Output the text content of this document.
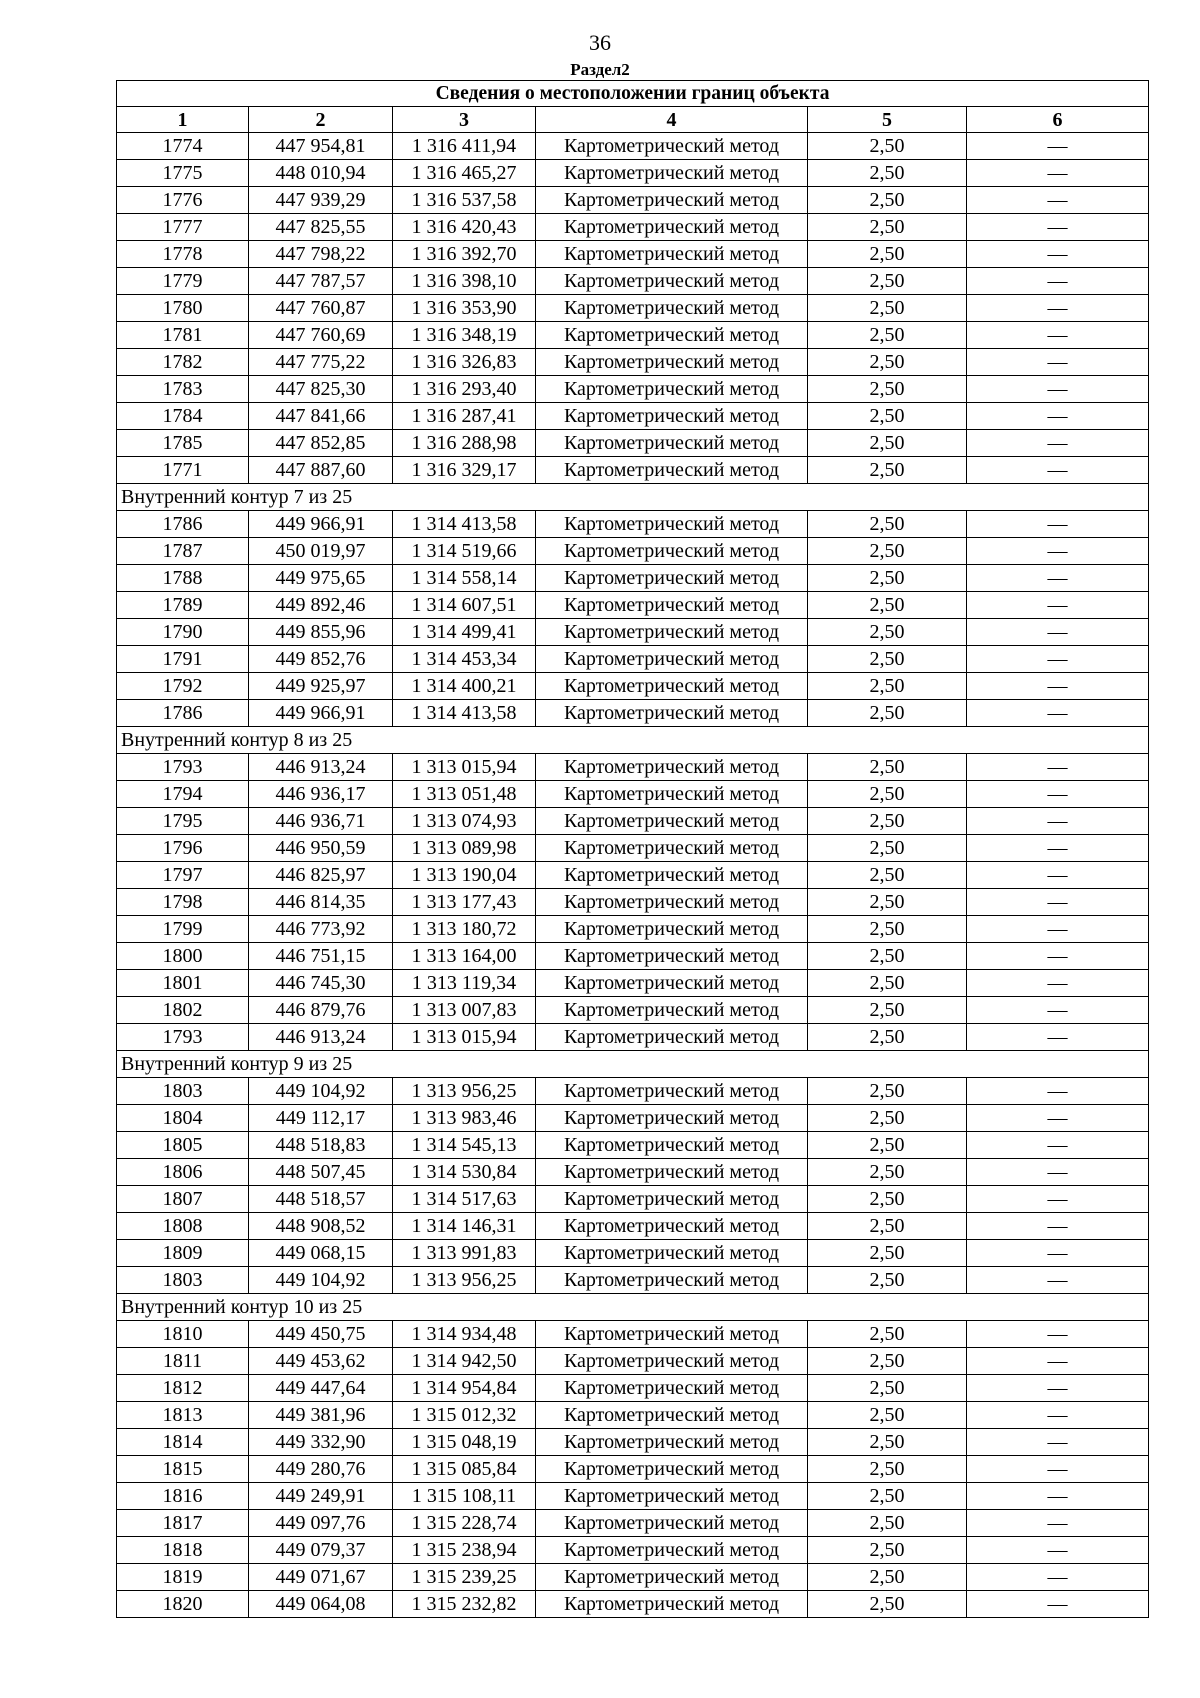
36
Раздел2
Сведения о местоположении границ объекта					
1	2	3	4	5	6
1774	447 954,81	1 316 411,94	Картометрический метод	2,50	—
1775	448 010,94	1 316 465,27	Картометрический метод	2,50	—
1776	447 939,29	1 316 537,58	Картометрический метод	2,50	—
1777	447 825,55	1 316 420,43	Картометрический метод	2,50	—
1778	447 798,22	1 316 392,70	Картометрический метод	2,50	—
1779	447 787,57	1 316 398,10	Картометрический метод	2,50	—
1780	447 760,87	1 316 353,90	Картометрический метод	2,50	—
1781	447 760,69	1 316 348,19	Картометрический метод	2,50	—
1782	447 775,22	1 316 326,83	Картометрический метод	2,50	—
1783	447 825,30	1 316 293,40	Картометрический метод	2,50	—
1784	447 841,66	1 316 287,41	Картометрический метод	2,50	—
1785	447 852,85	1 316 288,98	Картометрический метод	2,50	—
1771	447 887,60	1 316 329,17	Картометрический метод	2,50	—
Внутренний контур 7 из 25					
1786	449 966,91	1 314 413,58	Картометрический метод	2,50	—
1787	450 019,97	1 314 519,66	Картометрический метод	2,50	—
1788	449 975,65	1 314 558,14	Картометрический метод	2,50	—
1789	449 892,46	1 314 607,51	Картометрический метод	2,50	—
1790	449 855,96	1 314 499,41	Картометрический метод	2,50	—
1791	449 852,76	1 314 453,34	Картометрический метод	2,50	—
1792	449 925,97	1 314 400,21	Картометрический метод	2,50	—
1786	449 966,91	1 314 413,58	Картометрический метод	2,50	—
Внутренний контур 8 из 25					
1793	446 913,24	1 313 015,94	Картометрический метод	2,50	—
1794	446 936,17	1 313 051,48	Картометрический метод	2,50	—
1795	446 936,71	1 313 074,93	Картометрический метод	2,50	—
1796	446 950,59	1 313 089,98	Картометрический метод	2,50	—
1797	446 825,97	1 313 190,04	Картометрический метод	2,50	—
1798	446 814,35	1 313 177,43	Картометрический метод	2,50	—
1799	446 773,92	1 313 180,72	Картометрический метод	2,50	—
1800	446 751,15	1 313 164,00	Картометрический метод	2,50	—
1801	446 745,30	1 313 119,34	Картометрический метод	2,50	—
1802	446 879,76	1 313 007,83	Картометрический метод	2,50	—
1793	446 913,24	1 313 015,94	Картометрический метод	2,50	—
Внутренний контур 9 из 25					
1803	449 104,92	1 313 956,25	Картометрический метод	2,50	—
1804	449 112,17	1 313 983,46	Картометрический метод	2,50	—
1805	448 518,83	1 314 545,13	Картометрический метод	2,50	—
1806	448 507,45	1 314 530,84	Картометрический метод	2,50	—
1807	448 518,57	1 314 517,63	Картометрический метод	2,50	—
1808	448 908,52	1 314 146,31	Картометрический метод	2,50	—
1809	449 068,15	1 313 991,83	Картометрический метод	2,50	—
1803	449 104,92	1 313 956,25	Картометрический метод	2,50	—
Внутренний контур 10 из 25					
1810	449 450,75	1 314 934,48	Картометрический метод	2,50	—
1811	449 453,62	1 314 942,50	Картометрический метод	2,50	—
1812	449 447,64	1 314 954,84	Картометрический метод	2,50	—
1813	449 381,96	1 315 012,32	Картометрический метод	2,50	—
1814	449 332,90	1 315 048,19	Картометрический метод	2,50	—
1815	449 280,76	1 315 085,84	Картометрический метод	2,50	—
1816	449 249,91	1 315 108,11	Картометрический метод	2,50	—
1817	449 097,76	1 315 228,74	Картометрический метод	2,50	—
1818	449 079,37	1 315 238,94	Картометрический метод	2,50	—
1819	449 071,67	1 315 239,25	Картометрический метод	2,50	—
1820	449 064,08	1 315 232,82	Картометрический метод	2,50	—
